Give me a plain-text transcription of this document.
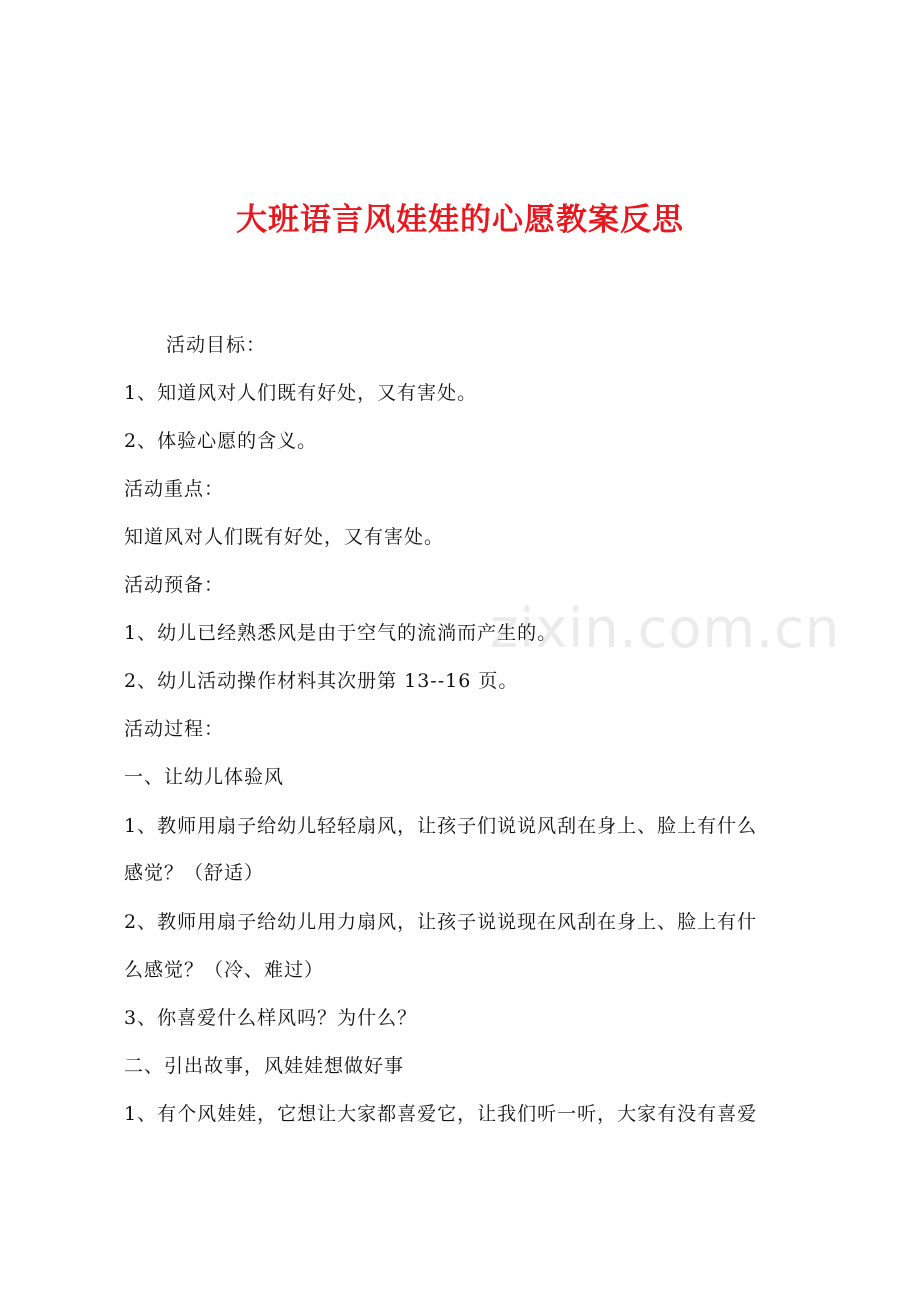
zixin.com.cn
大班语言风娃娃的心愿教案反思
活动目标：
1、知道风对人们既有好处，又有害处。
2、体验心愿的含义。
活动重点：
知道风对人们既有好处，又有害处。
活动预备：
1、幼儿已经熟悉风是由于空气的流淌而产生的。
2、幼儿活动操作材料其次册第 13--16 页。
活动过程：
一、让幼儿体验风
1、教师用扇子给幼儿轻轻扇风，让孩子们说说风刮在身上、脸上有什么
感觉？（舒适）
2、教师用扇子给幼儿用力扇风，让孩子说说现在风刮在身上、脸上有什
么感觉？（冷、难过）
3、你喜爱什么样风吗？为什么？
二、引出故事，风娃娃想做好事
1、有个风娃娃，它想让大家都喜爱它，让我们听一听，大家有没有喜爱
